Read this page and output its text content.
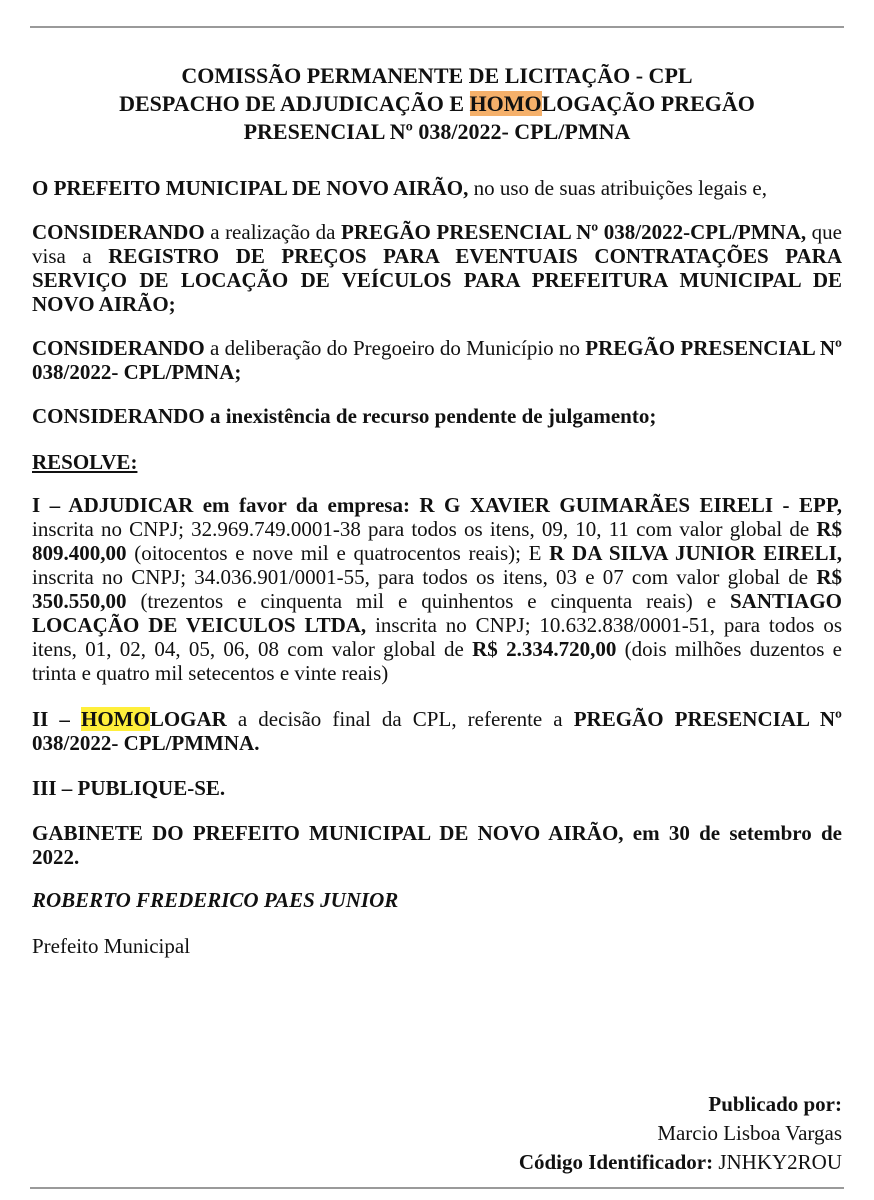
COMISSÃO PERMANENTE DE LICITAÇÃO - CPL
DESPACHO DE ADJUDICAÇÃO E HOMOLOGAÇÃO PREGÃO
PRESENCIAL Nº 038/2022- CPL/PMNA

O PREFEITO MUNICIPAL DE NOVO AIRÃO, no uso de suas atribuições legais e,

CONSIDERANDO a realização da PREGÃO PRESENCIAL Nº 038/2022-CPL/PMNA, que visa a REGISTRO DE PREÇOS PARA EVENTUAIS CONTRATAÇÕES PARA SERVIÇO DE LOCAÇÃO DE VEÍCULOS PARA PREFEITURA MUNICIPAL DE NOVO AIRÃO;

CONSIDERANDO a deliberação do Pregoeiro do Município no PREGÃO PRESENCIAL Nº 038/2022- CPL/PMNA;

CONSIDERANDO a inexistência de recurso pendente de julgamento;

RESOLVE:

I – ADJUDICAR em favor da empresa: R G XAVIER GUIMARÃES EIRELI - EPP, inscrita no CNPJ; 32.969.749.0001-38 para todos os itens, 09, 10, 11 com valor global de R$ 809.400,00 (oitocentos e nove mil e quatrocentos reais); E R DA SILVA JUNIOR EIRELI, inscrita no CNPJ; 34.036.901/0001-55, para todos os itens, 03 e 07 com valor global de R$ 350.550,00 (trezentos e cinquenta mil e quinhentos e cinquenta reais) e SANTIAGO LOCAÇÃO DE VEICULOS LTDA, inscrita no CNPJ; 10.632.838/0001-51, para todos os itens, 01, 02, 04, 05, 06, 08 com valor global de R$ 2.334.720,00 (dois milhões duzentos e trinta e quatro mil setecentos e vinte reais)

II – HOMOLOGAR a decisão final da CPL, referente a PREGÃO PRESENCIAL Nº 038/2022- CPL/PMMNA.

III – PUBLIQUE-SE.

GABINETE DO PREFEITO MUNICIPAL DE NOVO AIRÃO, em 30 de setembro de 2022.

ROBERTO FREDERICO PAES JUNIOR

Prefeito Municipal

Publicado por:
Marcio Lisboa Vargas
Código Identificador: JNHKY2ROU
